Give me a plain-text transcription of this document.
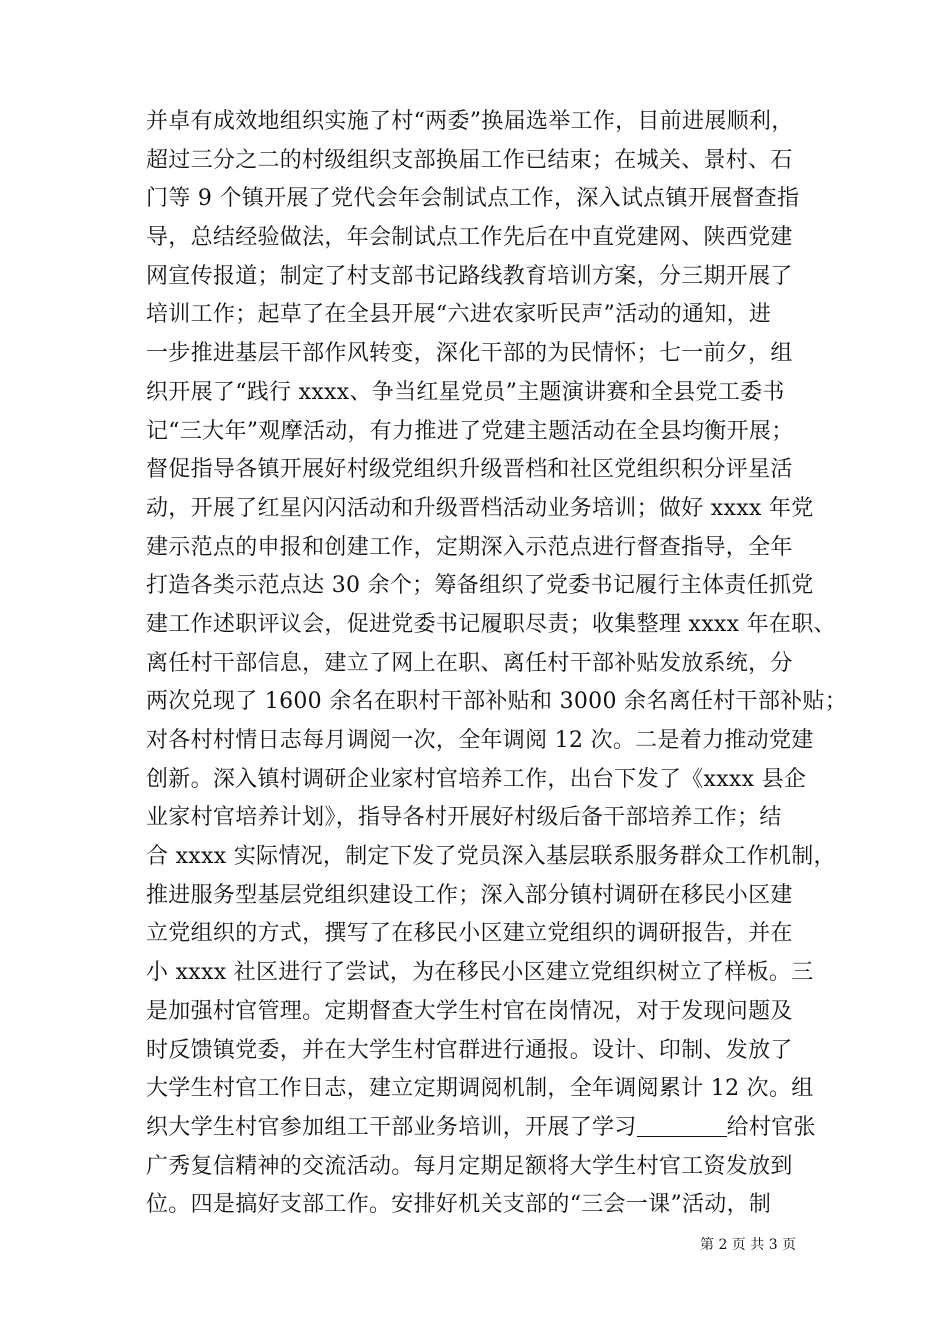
并卓有成效地组织实施了村“两委”换届选举工作，目前进展顺利，
超过三分之二的村级组织支部换届工作已结束；在城关、景村、石
门等 9 个镇开展了党代会年会制试点工作，深入试点镇开展督查指
导，总结经验做法，年会制试点工作先后在中直党建网、陕西党建
网宣传报道；制定了村支部书记路线教育培训方案，分三期开展了
培训工作；起草了在全县开展“六进农家听民声”活动的通知，进
一步推进基层干部作风转变，深化干部的为民情怀；七一前夕，组
织开展了“践行 xxxx、争当红星党员”主题演讲赛和全县党工委书
记“三大年”观摩活动，有力推进了党建主题活动在全县均衡开展；
督促指导各镇开展好村级党组织升级晋档和社区党组织积分评星活
动，开展了红星闪闪活动和升级晋档活动业务培训；做好 xxxx 年党
建示范点的申报和创建工作，定期深入示范点进行督查指导，全年
打造各类示范点达 30 余个；筹备组织了党委书记履行主体责任抓党
建工作述职评议会，促进党委书记履职尽责；收集整理 xxxx 年在职、
离任村干部信息，建立了网上在职、离任村干部补贴发放系统，分
两次兑现了 1600 余名在职村干部补贴和 3000 余名离任村干部补贴；
对各村村情日志每月调阅一次，全年调阅 12 次。二是着力推动党建
创新。深入镇村调研企业家村官培养工作，出台下发了《xxxx 县企
业家村官培养计划》，指导各村开展好村级后备干部培养工作；结
合 xxxx 实际情况，制定下发了党员深入基层联系服务群众工作机制，
推进服务型基层党组织建设工作；深入部分镇村调研在移民小区建
立党组织的方式，撰写了在移民小区建立党组织的调研报告，并在
小 xxxx 社区进行了尝试，为在移民小区建立党组织树立了样板。三
是加强村官管理。定期督查大学生村官在岗情况，对于发现问题及
时反馈镇党委，并在大学生村官群进行通报。设计、印制、发放了
大学生村官工作日志，建立定期调阅机制，全年调阅累计 12 次。组
织大学生村官参加组工干部业务培训，开展了学习	给村官张
广秀复信精神的交流活动。每月定期足额将大学生村官工资发放到
位。四是搞好支部工作。安排好机关支部的“三会一课”活动，制
第 2 页 共 3 页
